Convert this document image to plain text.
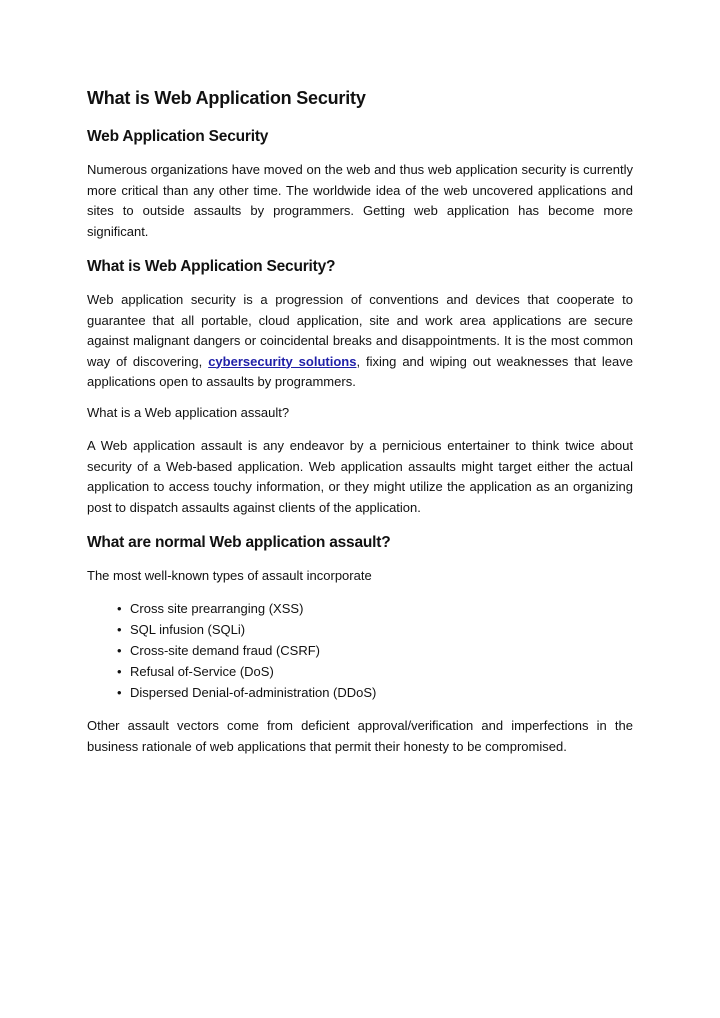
What is Web Application Security
Web Application Security

Numerous organizations have moved on the web and thus web application security is currently more critical than any other time. The worldwide idea of the web uncovered applications and sites to outside assaults by programmers. Getting web application has become more significant.

What is Web Application Security?

Web application security is a progression of conventions and devices that cooperate to guarantee that all portable, cloud application, site and work area applications are secure against malignant dangers or coincidental breaks and disappointments. It is the most common way of discovering, cybersecurity solutions, fixing and wiping out weaknesses that leave applications open to assaults by programmers.

What is a Web application assault?

A Web application assault is any endeavor by a pernicious entertainer to think twice about security of a Web-based application. Web application assaults might target either the actual application to access touchy information, or they might utilize the application as an organizing post to dispatch assaults against clients of the application.

What are normal Web application assault?

The most well-known types of assault incorporate

• Cross site prearranging (XSS)
• SQL infusion (SQLi)
• Cross-site demand fraud (CSRF)
• Refusal of-Service (DoS)
• Dispersed Denial-of-administration (DDoS)

Other assault vectors come from deficient approval/verification and imperfections in the business rationale of web applications that permit their honesty to be compromised.
